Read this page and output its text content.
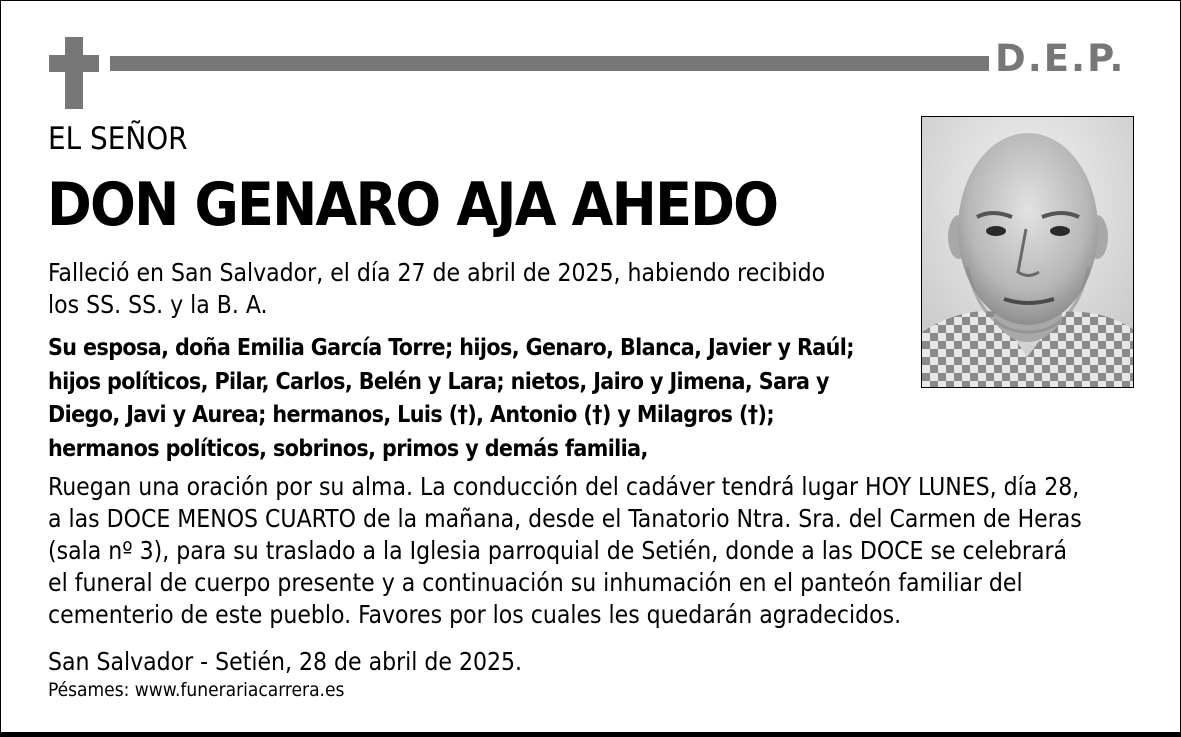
D.E.P.
EL SEÑOR
DON GENARO AJA AHEDO

Falleció en San Salvador, el día 27 de abril de 2025, habiendo recibido
los SS. SS. y la B. A.

Su esposa, doña Emilia García Torre; hijos, Genaro, Blanca, Javier y Raúl;
hijos políticos, Pilar, Carlos, Belén y Lara; nietos, Jairo y Jimena, Sara y
Diego, Javi y Aurea; hermanos, Luis (†), Antonio (†) y Milagros (†);
hermanos políticos, sobrinos, primos y demás familia,

Ruegan una oración por su alma. La conducción del cadáver tendrá lugar HOY LUNES, día 28,
a las DOCE MENOS CUARTO de la mañana, desde el Tanatorio Ntra. Sra. del Carmen de Heras
(sala nº 3), para su traslado a la Iglesia parroquial de Setién, donde a las DOCE se celebrará
el funeral de cuerpo presente y a continuación su inhumación en el panteón familiar del
cementerio de este pueblo. Favores por los cuales les quedarán agradecidos.

San Salvador - Setién, 28 de abril de 2025.

Pésames: www.funerariacarrera.es
